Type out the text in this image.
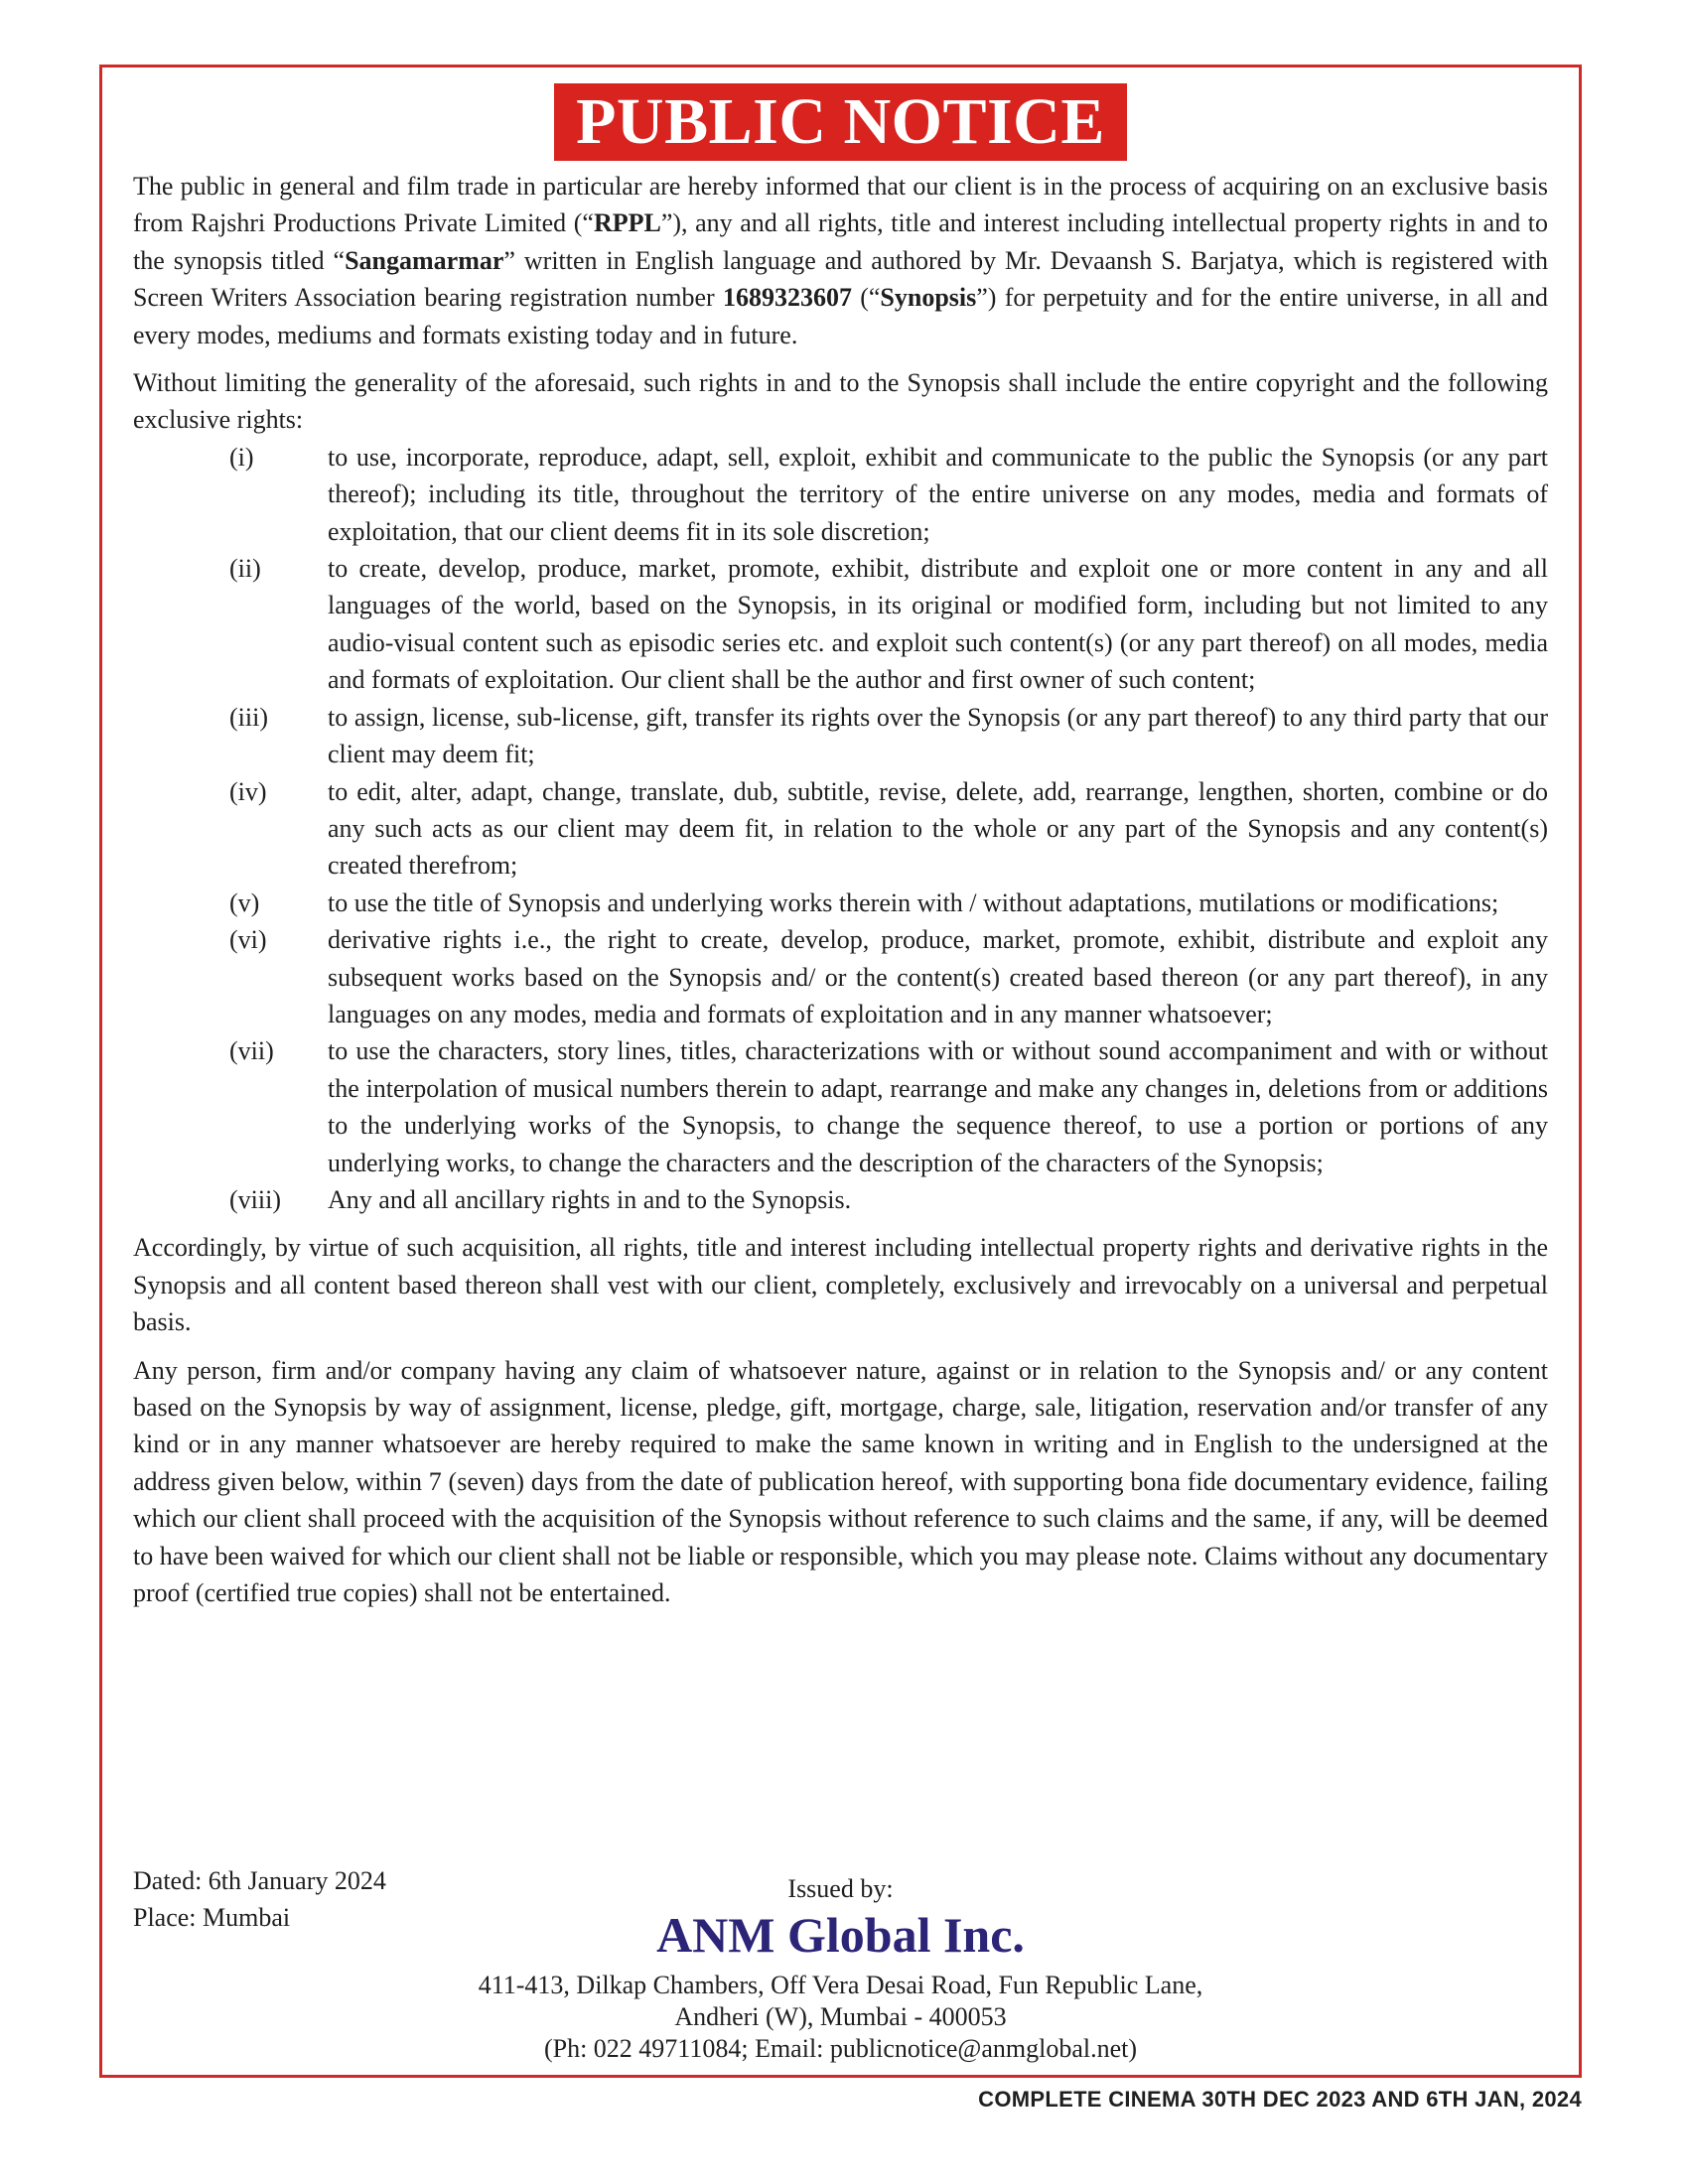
PUBLIC NOTICE

The public in general and film trade in particular are hereby informed that our client is in the process of acquiring on an exclusive basis from Rajshri Productions Private Limited (“RPPL”), any and all rights, title and interest including intellectual property rights in and to the synopsis titled “Sangamarmar” written in English language and authored by Mr. Devaansh S. Barjatya, which is registered with Screen Writers Association bearing registration number 1689323607 (“Synopsis”) for perpetuity and for the entire universe, in all and every modes, mediums and formats existing today and in future.

Without limiting the generality of the aforesaid, such rights in and to the Synopsis shall include the entire copyright and the following exclusive rights:

(i)	to use, incorporate, reproduce, adapt, sell, exploit, exhibit and communicate to the public the Synopsis (or any part thereof); including its title, throughout the territory of the entire universe on any modes, media and formats of exploitation, that our client deems fit in its sole discretion;
(ii)	to create, develop, produce, market, promote, exhibit, distribute and exploit one or more content in any and all languages of the world, based on the Synopsis, in its original or modified form, including but not limited to any audio-visual content such as episodic series etc. and exploit such content(s) (or any part thereof) on all modes, media and formats of exploitation. Our client shall be the author and first owner of such content;
(iii) to assign, license, sub-license, gift, transfer its rights over the Synopsis (or any part thereof) to any third party that our client may deem fit;
(iv) to edit, alter, adapt, change, translate, dub, subtitle, revise, delete, add, rearrange, lengthen, shorten, combine or do any such acts as our client may deem fit, in relation to the whole or any part of the Synopsis and any content(s) created therefrom;
(v)	to use the title of Synopsis and underlying works therein with / without adaptations, mutilations or modifications;
(vi) derivative rights i.e., the right to create, develop, produce, market, promote, exhibit, distribute and exploit any subsequent works based on the Synopsis and/ or the content(s) created based thereon (or any part thereof), in any languages on any modes, media and formats of exploitation and in any manner whatsoever;
(vii) to use the characters, story lines, titles, characterizations with or without sound accompaniment and with or without the interpolation of musical numbers therein to adapt, rearrange and make any changes in, deletions from or additions to the underlying works of the Synopsis, to change the sequence thereof, to use a portion or portions of any underlying works, to change the characters and the description of the characters of the Synopsis;
(viii) Any and all ancillary rights in and to the Synopsis.

Accordingly, by virtue of such acquisition, all rights, title and interest including intellectual property rights and derivative rights in the Synopsis and all content based thereon shall vest with our client, completely, exclusively and irrevocably on a universal and perpetual basis.

Any person, firm and/or company having any claim of whatsoever nature, against or in relation to the Synopsis and/ or any content based on the Synopsis by way of assignment, license, pledge, gift, mortgage, charge, sale, litigation, reservation and/or transfer of any kind or in any manner whatsoever are hereby required to make the same known in writing and in English to the undersigned at the address given below, within 7 (seven) days from the date of publication hereof, with supporting bona fide documentary evidence, failing which our client shall proceed with the acquisition of the Synopsis without reference to such claims and the same, if any, will be deemed to have been waived for which our client shall not be liable or responsible, which you may please note. Claims without any documentary proof (certified true copies) shall not be entertained.

Dated: 6th January 2024
Place: Mumbai
Issued by:
ANM Global Inc.
411-413, Dilkap Chambers, Off Vera Desai Road, Fun Republic Lane,
Andheri (W), Mumbai - 400053
(Ph: 022 49711084; Email: publicnotice@anmglobal.net)
COMPLETE CINEMA 30TH DEC 2023 AND 6TH JAN, 2024
